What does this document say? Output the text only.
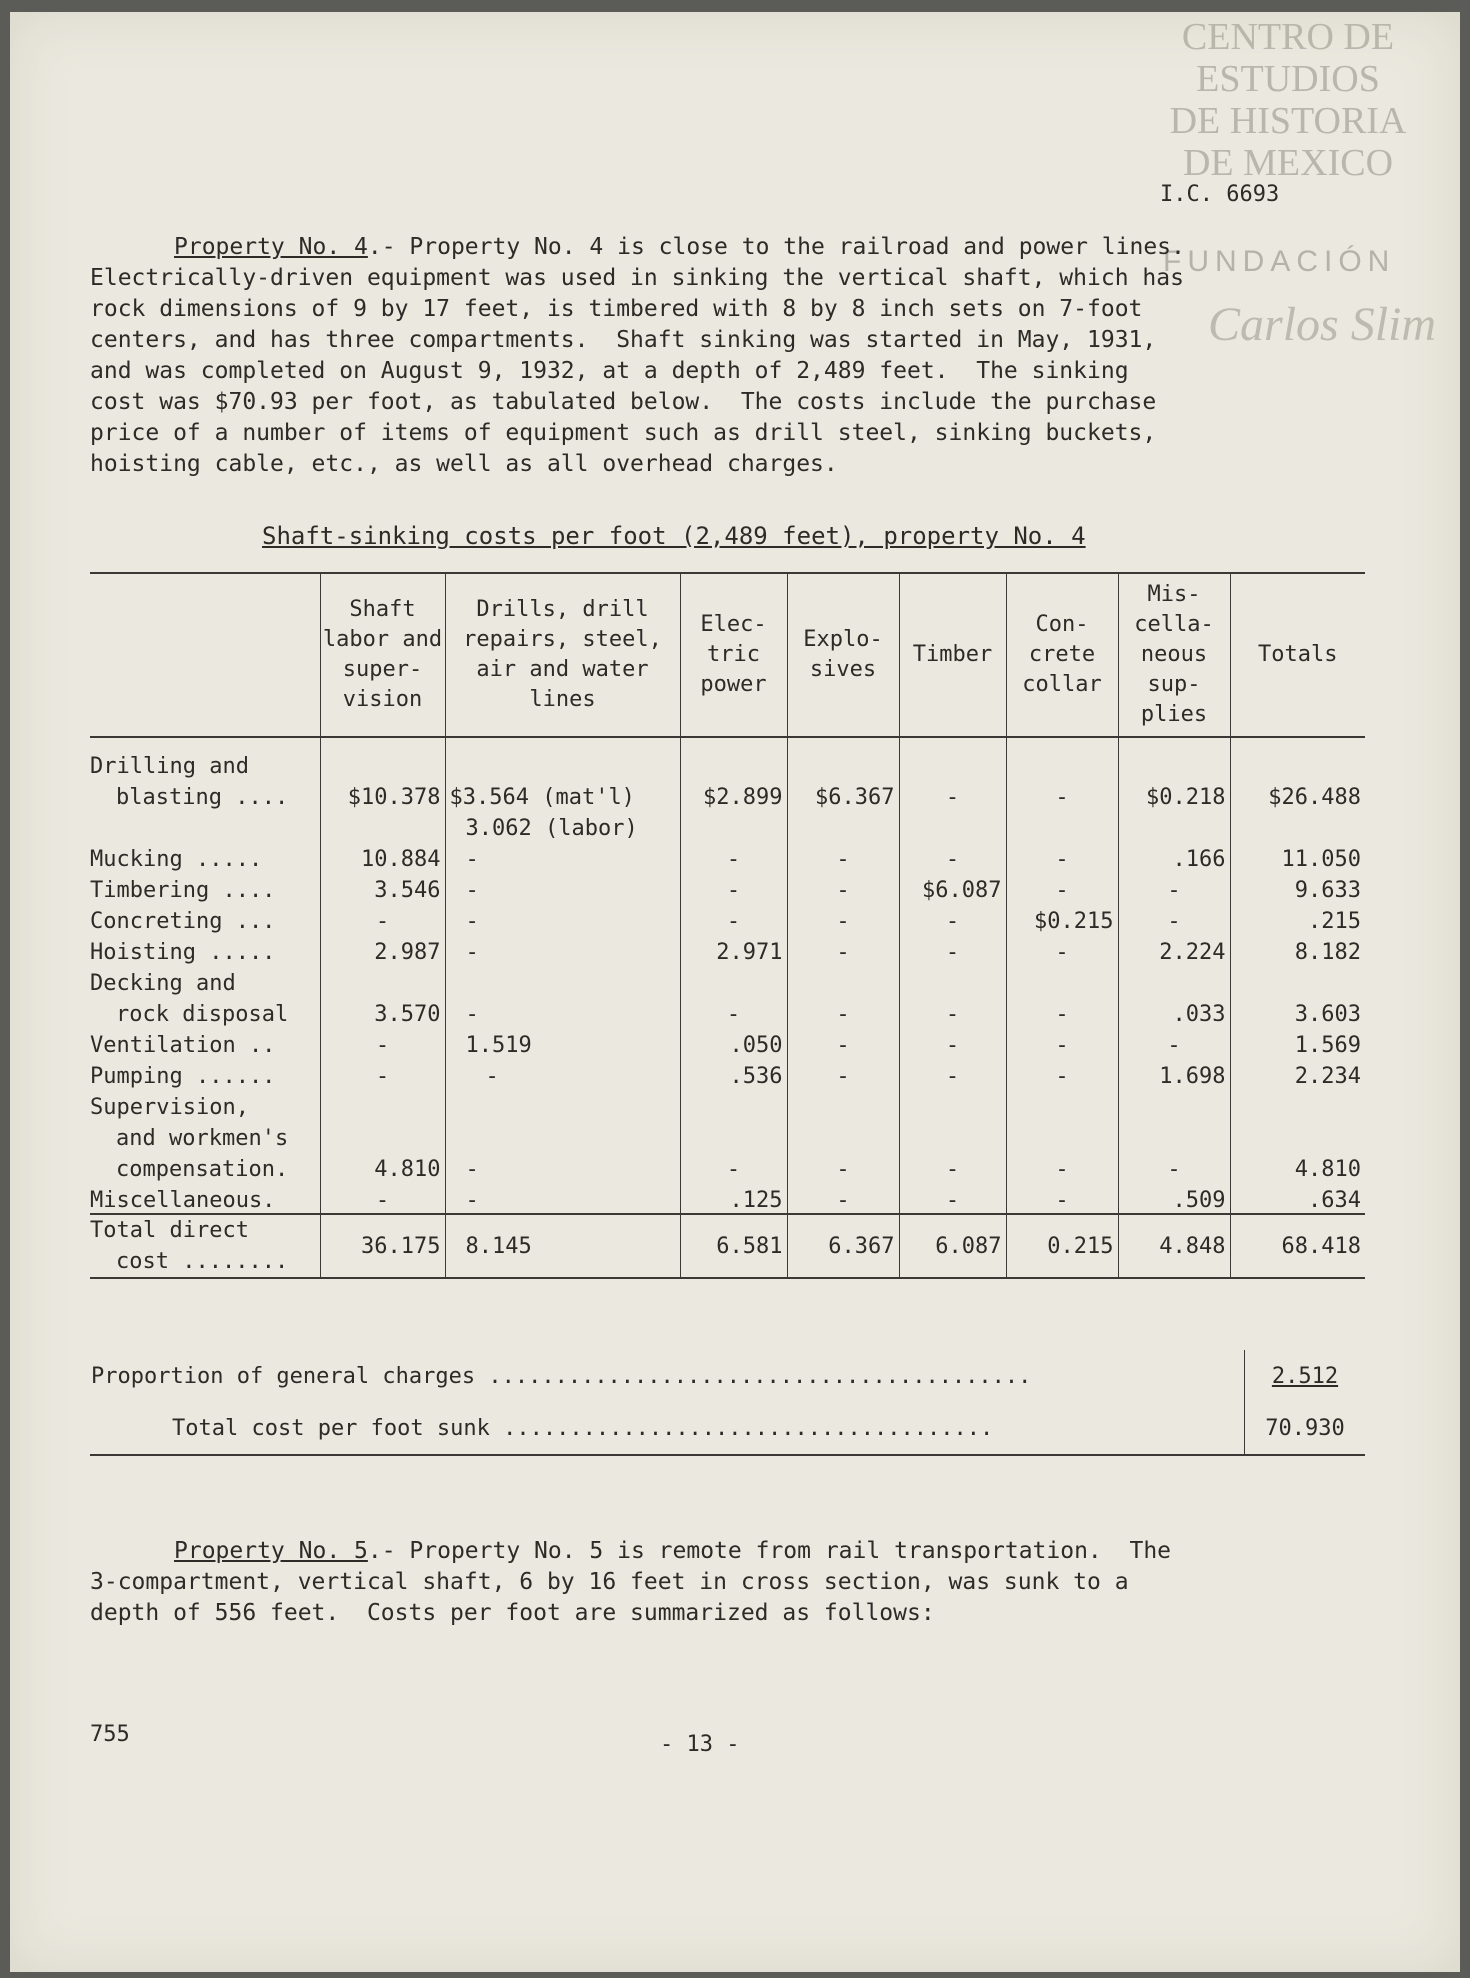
CENTRO DE
ESTUDIOS
DE HISTORIA
DE MEXICO
FUNDACIÓN
Carlos Slim
I.C. 6693
Property No. 4.- Property No. 4 is close to the railroad and power lines.
Electrically-driven equipment was used in sinking the vertical shaft, which has
rock dimensions of 9 by 17 feet, is timbered with 8 by 8 inch sets on 7-foot
centers, and has three compartments.  Shaft sinking was started in May, 1931,
and was completed on August 9, 1932, at a depth of 2,489 feet.  The sinking
cost was $70.93 per foot, as tabulated below.  The costs include the purchase
price of a number of items of equipment such as drill steel, sinking buckets,
hoisting cable, etc., as well as all overhead charges.
Shaft-sinking costs per foot (2,489 feet), property No. 4
	Shaft labor and super-vision	Drills, drill repairs, steel, air and water lines	Elec-tric power	Explo-sives	Timber	Con-crete collar	Mis-cella-neous sup-plies	Totals

Drilling and								
blasting ....	$10.378	$3.564 (mat'l)	$2.899	$6.367	-	-	$0.218	$26.488
		3.062 (labor)						
Mucking .....	10.884	-	-	-	-	-	.166	11.050
Timbering ....	3.546	-	-	-	$6.087	-	-	9.633
Concreting ...	-	-	-	-	-	$0.215	-	.215
Hoisting .....	2.987	-	2.971	-	-	-	2.224	8.182
Decking and								
rock disposal	3.570	-	-	-	-	-	.033	3.603
Ventilation ..	-	1.519	.050	-	-	-	-	1.569
Pumping ......	-	-	.536	-	-	-	1.698	2.234
Supervision,								
and workmen's								
compensation.	4.810	-	-	-	-	-	-	4.810
Miscellaneous.	-	-	.125	-	-	-	.509	.634

Total direct
cost ........	36.175	8.145	6.581	6.367	6.087	0.215	4.848	68.418
Proportion of general charges .........................................	2.512
Total cost per foot sunk .....................................	70.930
Property No. 5.- Property No. 5 is remote from rail transportation.  The
3-compartment, vertical shaft, 6 by 16 feet in cross section, was sunk to a
depth of 556 feet.  Costs per foot are summarized as follows:
755	- 13 -
